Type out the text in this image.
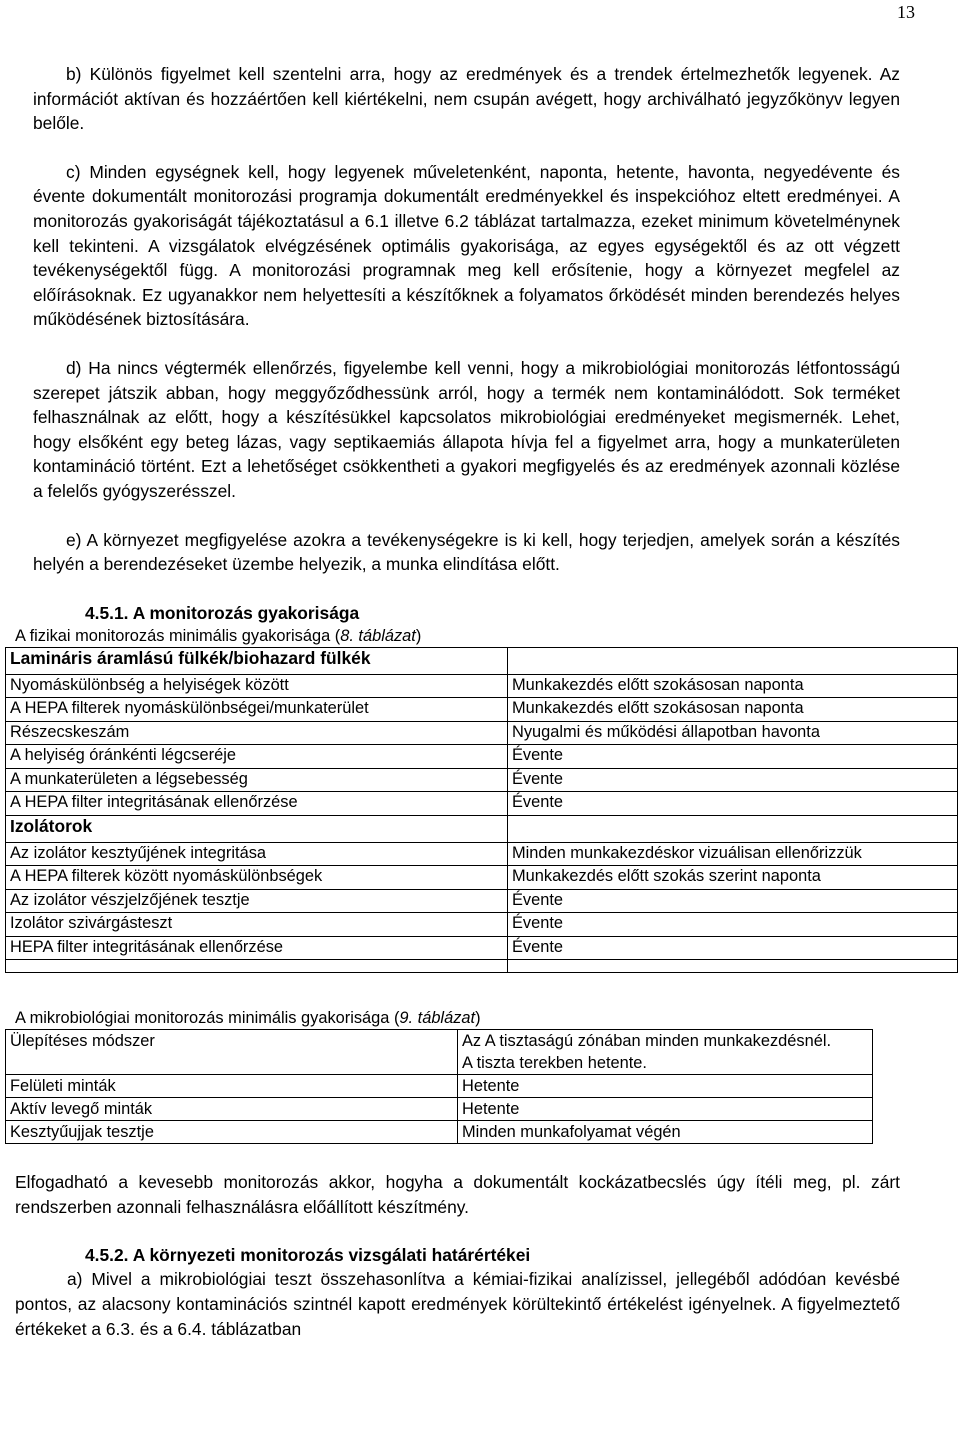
13

b) Különös figyelmet kell szentelni arra, hogy az eredmények és a trendek értelmezhetők legyenek. Az információt aktívan és hozzáértően kell kiértékelni, nem csupán avégett, hogy archiválható jegyzőkönyv legyen belőle.

c) Minden egységnek kell, hogy legyenek műveletenként, naponta, hetente, havonta, negyedévente és évente dokumentált monitorozási programja dokumentált eredményekkel és inspekcióhoz eltett eredményei. A monitorozás gyakoriságát tájékoztatásul a 6.1 illetve 6.2 táblázat tartalmazza, ezeket minimum követelménynek kell tekinteni. A vizsgálatok elvégzésének optimális gyakorisága, az egyes egységektől és az ott végzett tevékenységektől függ. A monitorozási programnak meg kell erősítenie, hogy a környezet megfelel az előírásoknak. Ez ugyanakkor nem helyettesíti a készítőknek a folyamatos őrködését minden berendezés helyes működésének biztosítására.

d) Ha nincs végtermék ellenőrzés, figyelembe kell venni, hogy a mikrobiológiai monitorozás létfontosságú szerepet játszik abban, hogy meggyőződhessünk arról, hogy a termék nem kontaminálódott. Sok terméket felhasználnak az előtt, hogy a készítésükkel kapcsolatos mikrobiológiai eredményeket megismernék. Lehet, hogy elsőként egy beteg lázas, vagy septikaemiás állapota hívja fel a figyelmet arra, hogy a munkaterületen kontamináció történt. Ezt a lehetőséget csökkentheti a gyakori megfigyelés és az eredmények azonnali közlése a felelős gyógyszerésszel.

e) A környezet megfigyelése azokra a tevékenységekre is ki kell, hogy terjedjen, amelyek során a készítés helyén a berendezéseket üzembe helyezik, a munka elindítása előtt.

4.5.1. A monitorozás gyakorisága
A fizikai monitorozás minimális gyakorisága (8. táblázat)
Lamináris áramlású fülkék/biohazard fülkék	
Nyomáskülönbség a helyiségek között	Munkakezdés előtt szokásosan naponta
A HEPA filterek nyomáskülönbségei/munkaterület	Munkakezdés előtt szokásosan naponta
Részecskeszám	Nyugalmi és működési állapotban havonta
A helyiség óránkénti légcseréje	Évente
A munkaterületen a légsebesség	Évente
A HEPA filter integritásának ellenőrzése	Évente
Izolátorok	
Az izolátor kesztyűjének integritása	Minden munkakezdéskor vizuálisan ellenőrizzük
A HEPA filterek között nyomáskülönbségek	Munkakezdés előtt szokás szerint naponta
Az izolátor vészjelzőjének tesztje	Évente
Izolátor szivárgásteszt	Évente
HEPA filter integritásának ellenőrzése	Évente

A mikrobiológiai monitorozás minimális gyakorisága (9. táblázat)
Ülepítéses módszer	Az A tisztaságú zónában minden munkakezdésnél.
A tiszta terekben hetente.

Felületi minták	Hetente
Aktív levegő minták	Hetente
Kesztyűujjak tesztje	Minden munkafolyamat végén
Elfogadható a kevesebb monitorozás akkor, hogyha a dokumentált kockázatbecslés úgy ítéli meg, pl. zárt rendszerben azonnali felhasználásra előállított készítmény.
4.5.2. A környezeti monitorozás vizsgálati határértékei
a) Mivel a mikrobiológiai teszt összehasonlítva a kémiai-fizikai analízissel, jellegéből adódóan kevésbé pontos, az alacsony kontaminációs szintnél kapott eredmények körültekintő értékelést igényelnek. A figyelmeztető értékeket a 6.3. és a 6.4. táblázatban
